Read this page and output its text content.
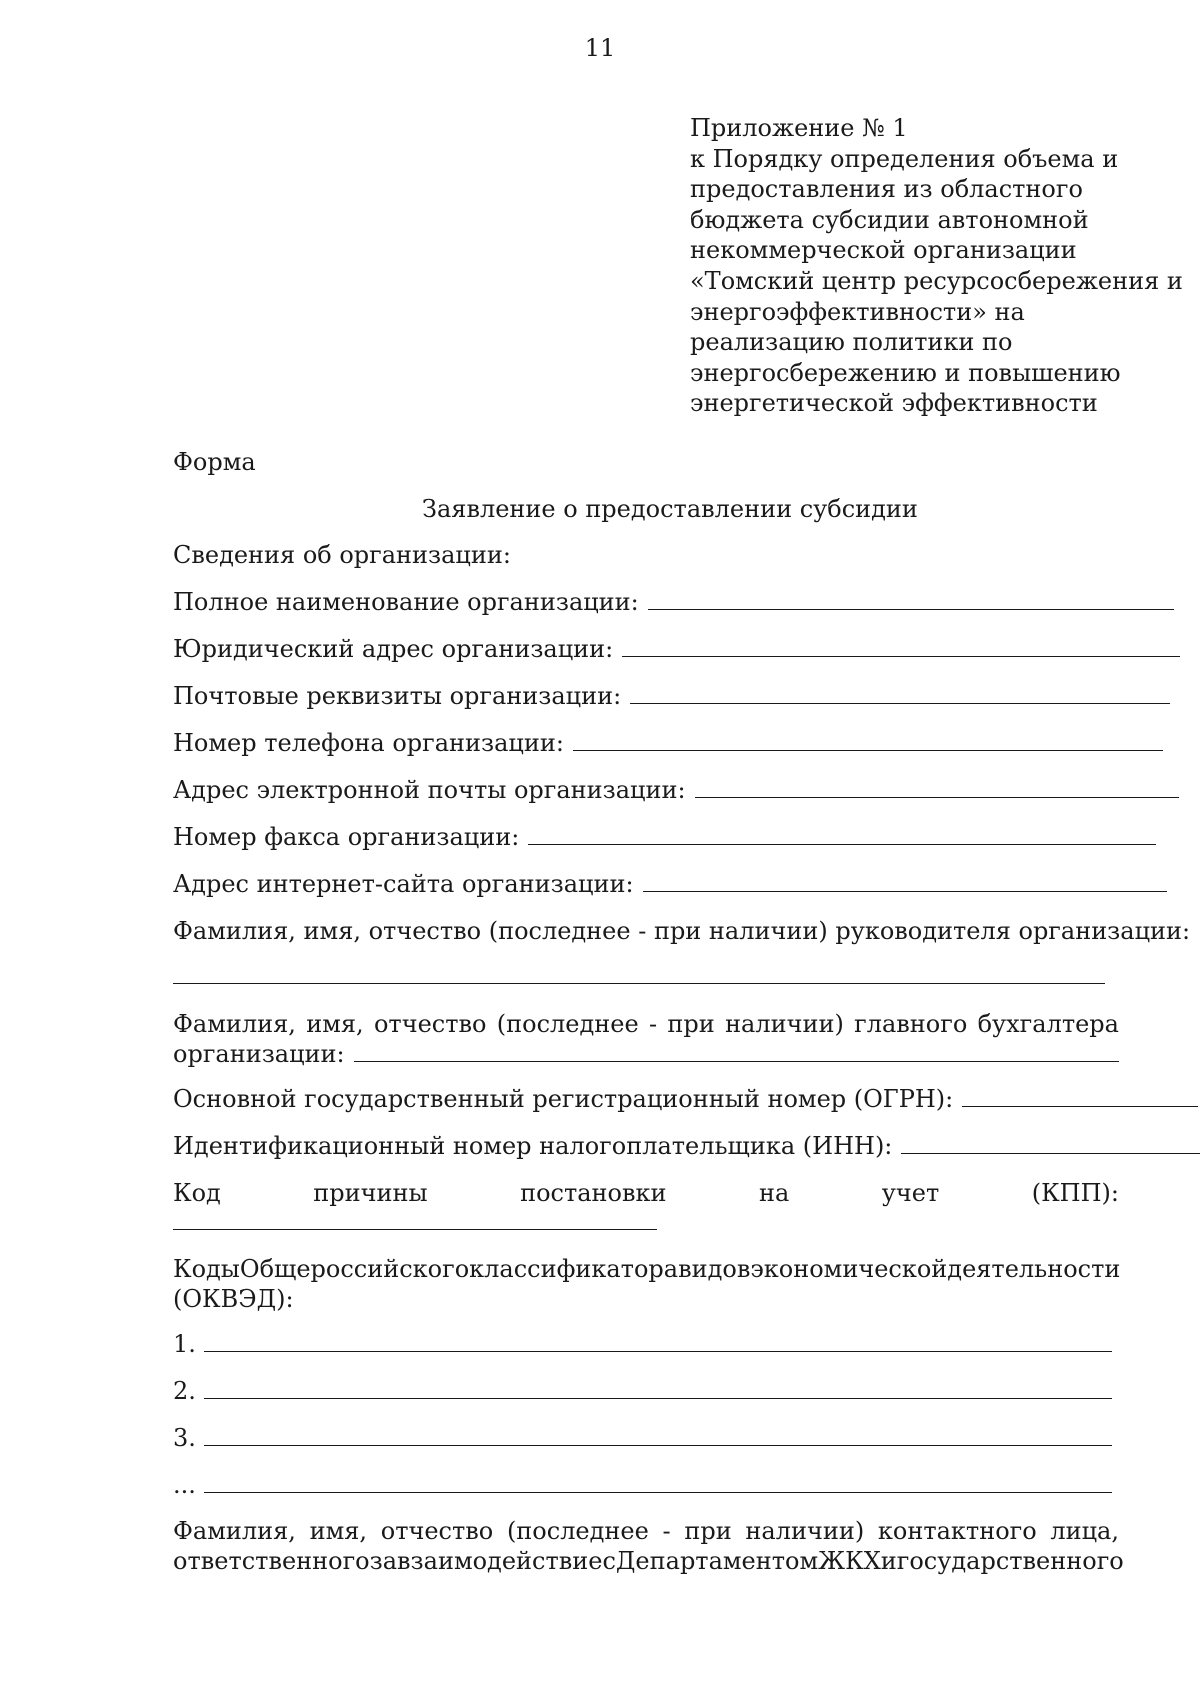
11
Приложение № 1
к Порядку определения объема и
предоставления из областного
бюджета субсидии автономной
некоммерческой организации
«Томский центр ресурсосбережения и
энергоэффективности» на
реализацию политики по
энергосбережению и повышению
энергетической эффективности
Форма
Заявление о предоставлении субсидии
Сведения об организации:
Полное наименование организации:
Юридический адрес организации:
Почтовые реквизиты организации:
Номер телефона организации:
Адрес электронной почты организации:
Номер факса организации:
Адрес интернет-сайта организации:
Фамилия, имя, отчество (последнее - при наличии) руководителя организации:
Фамилия, имя, отчество (последнее - при наличии) главного бухгалтера
организации:
Основной государственный регистрационный номер (ОГРН):
Идентификационный номер налогоплательщика (ИНН):
Код	причины	постановки	на	учет	(КПП):
Коды Общероссийского классификатора видов экономической деятельности
(ОКВЭД):
1.
2.
3.
...
Фамилия, имя, отчество (последнее - при наличии) контактного лица,
ответственного за взаимодействие с Департаментом ЖКХ и государственного
